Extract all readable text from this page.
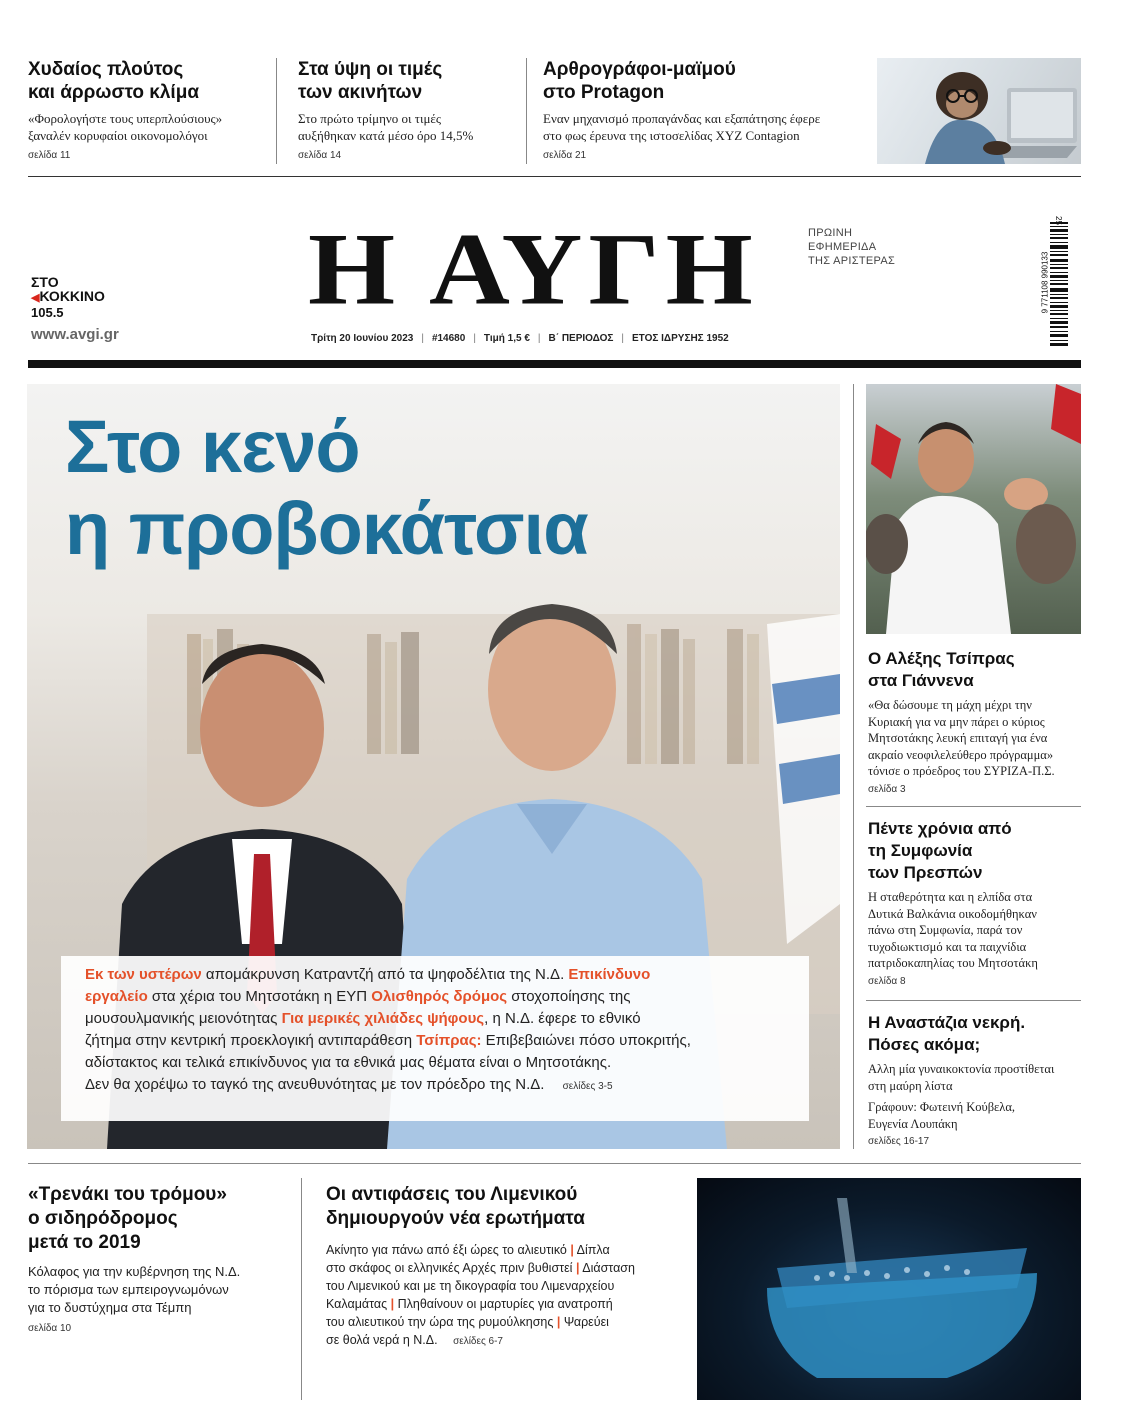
Χυδαίος πλούτος
και άρρωστο κλίμα
«Φορολογήστε τους υπερπλούσιους»
ξαναλέν κορυφαίοι οικονομολόγοι
σελίδα 11
Στα ύψη οι τιμές
των ακινήτων
Στο πρώτο τρίμηνο οι τιμές
αυξήθηκαν κατά μέσο όρο 14,5%
σελίδα 14
Αρθρογράφοι-μαϊμού
στο Protagon
Εναν μηχανισμό προπαγάνδας και εξαπάτησης έφερε
στο φως έρευνα της ιστοσελίδας XYZ Contagion
σελίδα 21
ΣΤΟ
◀ΚΟΚΚΙΝΟ
105.5
www.avgi.gr
Η ΑΥΓΗ	ΠΡΩΙΝΗ
ΕΦΗΜΕΡΙΔΑ
ΤΗΣ ΑΡΙΣΤΕΡΑΣ
Τρίτη 20 Ιουνίου 2023 | #14680 | Τιμή 1,5 € | Β΄ ΠΕΡΙΟΔΟΣ | ΕΤΟΣ ΙΔΡΥΣΗΣ 1952
9 771108 990133
25
Στο κενό
η προβοκάτσια
Εκ των υστέρων απομάκρυνση Κατραντζή από τα ψηφοδέλτια της Ν.Δ. Επικίνδυνο
εργαλείο στα χέρια του Μητσοτάκη η ΕΥΠ Ολισθηρός δρόμος στοχοποίησης της
μουσουλμανικής μειονότητας Για μερικές χιλιάδες ψήφους, η Ν.Δ. έφερε το εθνικό
ζήτημα στην κεντρική προεκλογική αντιπαράθεση Τσίπρας: Επιβεβαιώνει πόσο υποκριτής,
αδίστακτος και τελικά επικίνδυνος για τα εθνικά μας θέματα είναι ο Μητσοτάκης.
Δεν θα χορέψω το ταγκό της ανευθυνότητας με τον πρόεδρο της Ν.Δ. σελίδες 3-5
Ο Αλέξης Τσίπρας
στα Γιάννενα
«Θα δώσουμε τη μάχη μέχρι την
Κυριακή για να μην πάρει ο κύριος
Μητσοτάκης λευκή επιταγή για ένα
ακραίο νεοφιλελεύθερο πρόγραμμα»
τόνισε ο πρόεδρος του ΣΥΡΙΖΑ-Π.Σ.
σελίδα 3
Πέντε χρόνια από
τη Συμφωνία
των Πρεσπών
Η σταθερότητα και η ελπίδα στα
Δυτικά Βαλκάνια οικοδομήθηκαν
πάνω στη Συμφωνία, παρά τον
τυχοδιωκτισμό και τα παιχνίδια
πατριδοκαπηλίας του Μητσοτάκη
σελίδα 8
Η Αναστάζια νεκρή.
Πόσες ακόμα;
Αλλη μία γυναικοκτονία προστίθεται
στη μαύρη λίστα
Γράφουν: Φωτεινή Κούβελα,
Ευγενία Λουπάκη
σελίδες 16-17
«Τρενάκι του τρόμου»
ο σιδηρόδρομος
μετά το 2019
Κόλαφος για την κυβέρνηση της Ν.Δ.
το πόρισμα των εμπειρογνωμόνων
για το δυστύχημα στα Τέμπη
σελίδα 10
Οι αντιφάσεις του Λιμενικού
δημιουργούν νέα ερωτήματα
Ακίνητο για πάνω από έξι ώρες το αλιευτικό | Δίπλα
στο σκάφος οι ελληνικές Αρχές πριν βυθιστεί | Διάσταση
του Λιμενικού και με τη δικογραφία του Λιμεναρχείου
Καλαμάτας | Πληθαίνουν οι μαρτυρίες για ανατροπή
του αλιευτικού την ώρα της ρυμούλκησης | Ψαρεύει
σε θολά νερά η Ν.Δ. σελίδες 6-7
